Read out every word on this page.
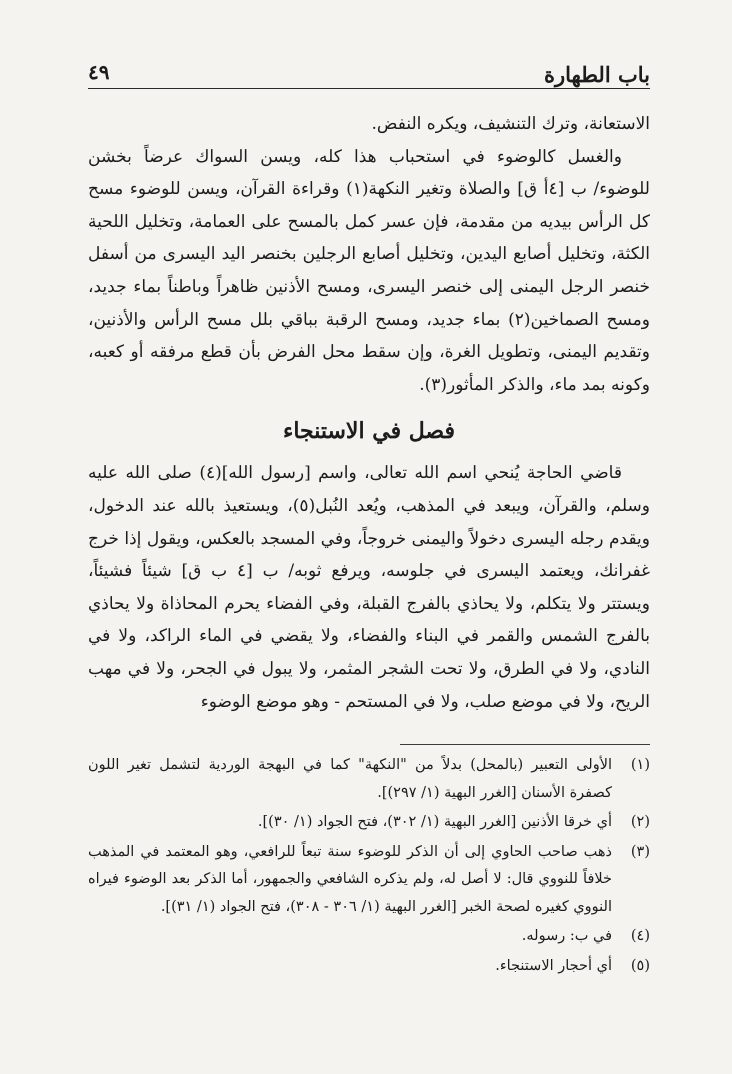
باب الطهارة
٤٩

الاستعانة، وترك التنشيف، ويكره النفض.

والغسل كالوضوء في استحباب هذا كله، ويسن السواك عرضاً بخشن للوضوء/ ب [٤أ ق] والصلاة وتغير النكهة(١) وقراءة القرآن، ويسن للوضوء مسح كل الرأس بيديه من مقدمة، فإن عسر كمل بالمسح على العمامة، وتخليل اللحية الكثة، وتخليل أصابع اليدين، وتخليل أصابع الرجلين بخنصر اليد اليسرى من أسفل خنصر الرجل اليمنى إلى خنصر اليسرى، ومسح الأذنين ظاهراً وباطناً بماء جديد، ومسح الصماخين(٢) بماء جديد، ومسح الرقبة بباقي بلل مسح الرأس والأذنين، وتقديم اليمنى، وتطويل الغرة، وإن سقط محل الفرض بأن قطع مرفقه أو كعبه، وكونه بمد ماء، والذكر المأثور(٣).

فصل في الاستنجاء

قاضي الحاجة يُنحي اسم الله تعالى، واسم [رسول الله](٤) صلى الله عليه وسلم، والقرآن، ويبعد في المذهب، ويُعد النُبل(٥)، ويستعيذ بالله عند الدخول، ويقدم رجله اليسرى دخولاً واليمنى خروجاً، وفي المسجد بالعكس، ويقول إذا خرج غفرانك، ويعتمد اليسرى في جلوسه، ويرفع ثوبه/ ب [٤ ب ق] شيئاً فشيئاً، ويستتر ولا يتكلم، ولا يحاذي بالفرج القبلة، وفي الفضاء يحرم المحاذاة ولا يحاذي بالفرج الشمس والقمر في البناء والفضاء، ولا يقضي في الماء الراكد، ولا في النادي، ولا في الطرق، ولا تحت الشجر المثمر، ولا يبول في الجحر، ولا في مهب الريح، ولا في موضع صلب، ولا في المستحم - وهو موضع الوضوء

(١)
الأولى التعبير (بالمحل) بدلاً من "النكهة" كما في البهجة الوردية لتشمل تغير اللون كصفرة الأسنان [الغرر البهية (١/ ٢٩٧)].
(٢)
أي خرقا الأذنين [الغرر البهية (١/ ٣٠٢)، فتح الجواد (١/ ٣٠)].
(٣)
ذهب صاحب الحاوي إلى أن الذكر للوضوء سنة تبعاً للرافعي، وهو المعتمد في المذهب خلافاً للنووي قال: لا أصل له، ولم يذكره الشافعي والجمهور، أما الذكر بعد الوضوء فيراه النووي كغيره لصحة الخبر [الغرر البهية (١/ ٣٠٦ - ٣٠٨)، فتح الجواد (١/ ٣١)].
(٤)
في ب: رسوله.
(٥)
أي أحجار الاستنجاء.
